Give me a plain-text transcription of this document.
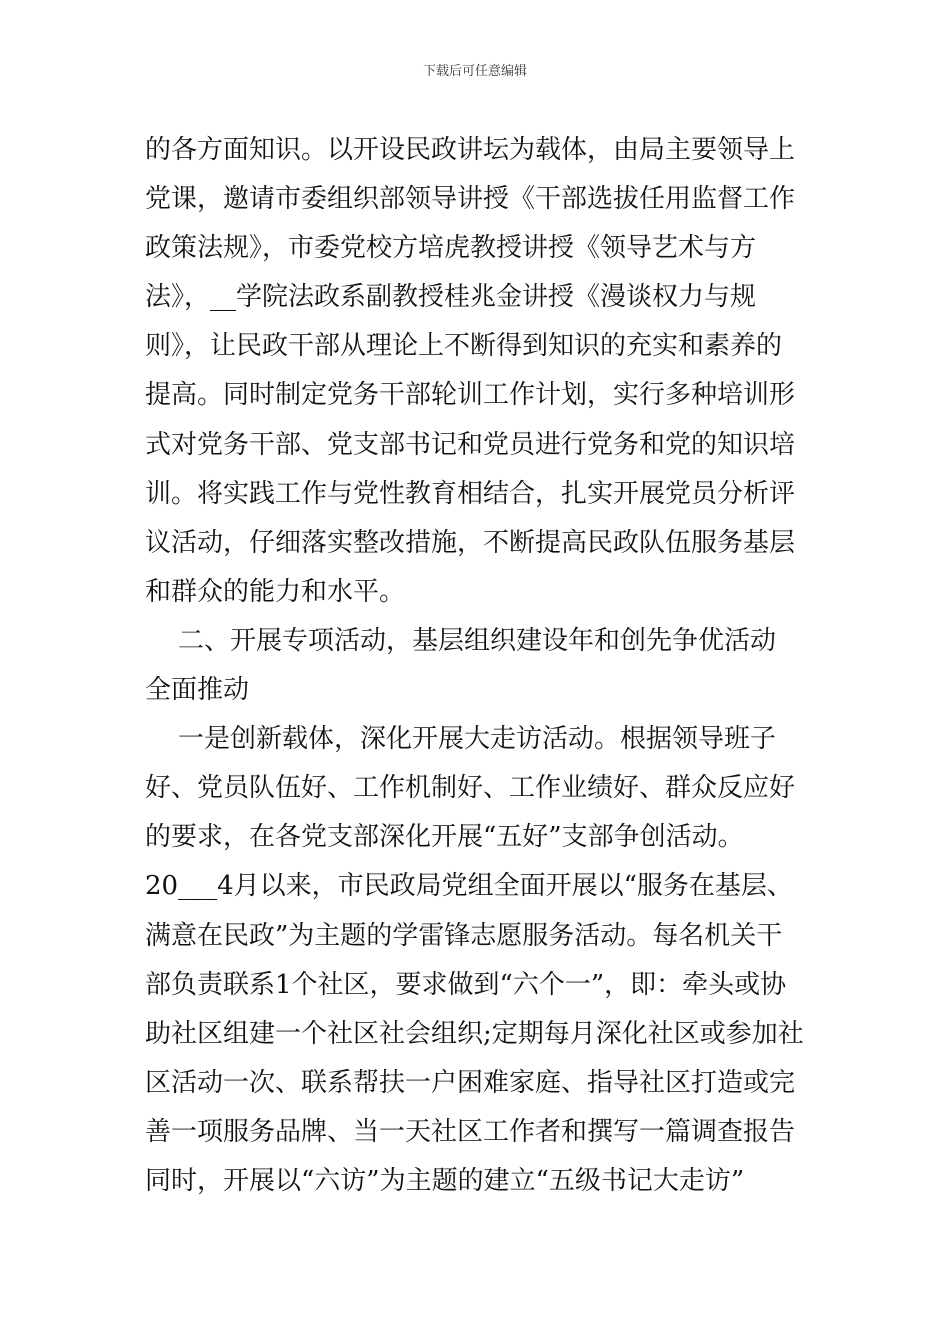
下载后可任意编辑
的各方面知识。以开设民政讲坛为载体，由局主要领导上
党课，邀请市委组织部领导讲授《干部选拔任用监督工作
政策法规》，市委党校方培虎教授讲授《领导艺术与方
法》，__学院法政系副教授桂兆金讲授《漫谈权力与规
则》，让民政干部从理论上不断得到知识的充实和素养的
提高。同时制定党务干部轮训工作计划，实行多种培训形
式对党务干部、党支部书记和党员进行党务和党的知识培
训。将实践工作与党性教育相结合，扎实开展党员分析评
议活动，仔细落实整改措施，不断提高民政队伍服务基层
和群众的能力和水平。
二、开展专项活动，基层组织建设年和创先争优活动
全面推动
一是创新载体，深化开展大走访活动。根据领导班子
好、党员队伍好、工作机制好、工作业绩好、群众反应好
的要求，在各党支部深化开展“五好”支部争创活动。
20___4月以来，市民政局党组全面开展以“服务在基层、
满意在民政”为主题的学雷锋志愿服务活动。每名机关干
部负责联系1个社区，要求做到“六个一”，即：牵头或协
助社区组建一个社区社会组织;定期每月深化社区或参加社
区活动一次、联系帮扶一户困难家庭、指导社区打造或完
善一项服务品牌、当一天社区工作者和撰写一篇调查报告
同时，开展以“六访”为主题的建立“五级书记大走访”
